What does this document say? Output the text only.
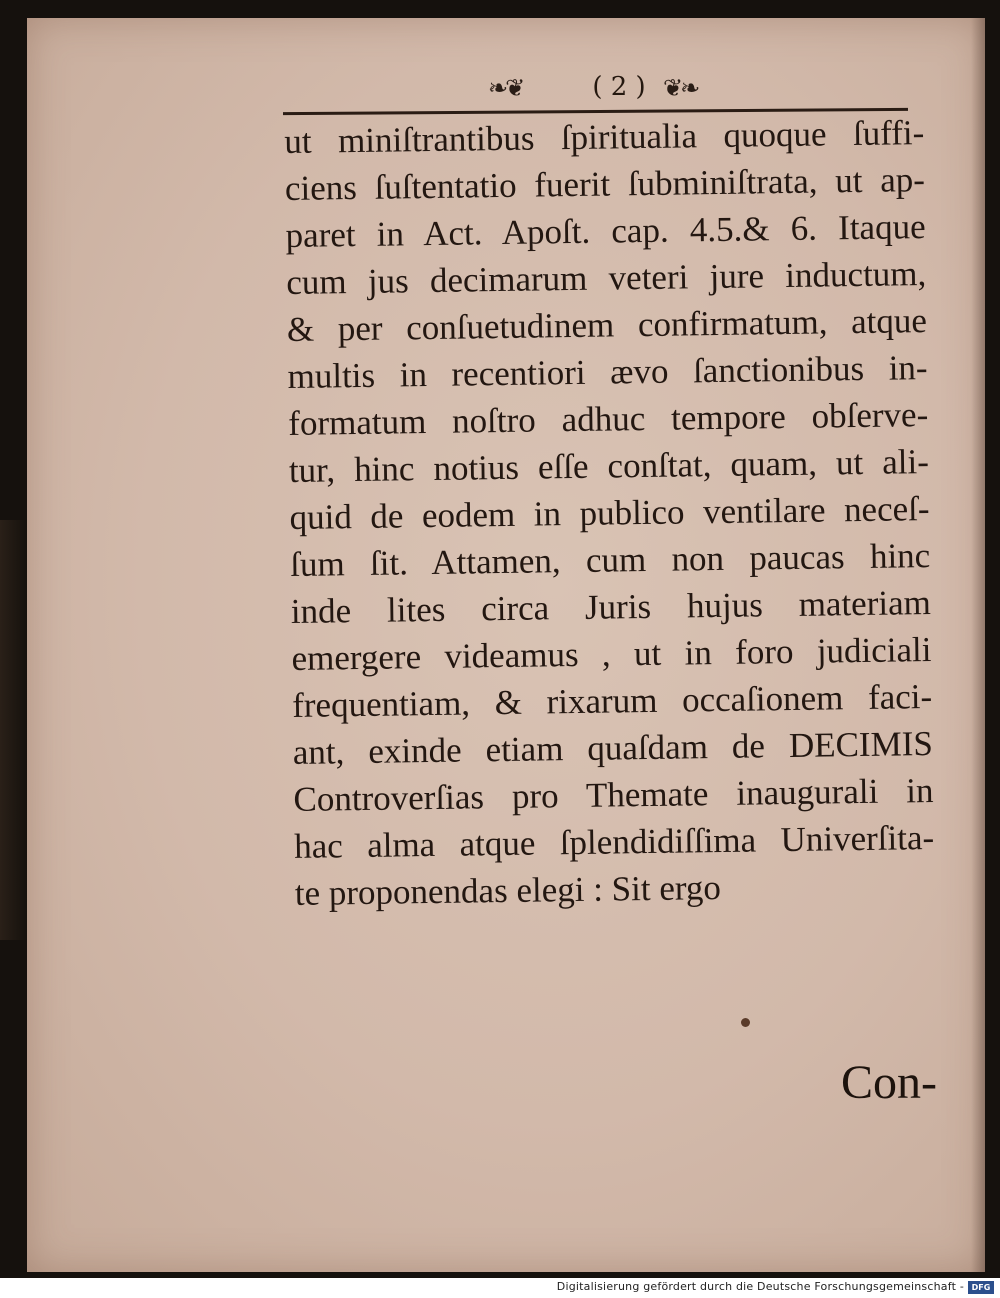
❧❦	( 2 ) ❦❧
ut miniſtrantibus ſpiritualia quoque ſuffi-
ciens ſuſtentatio fuerit ſubminiſtrata, ut ap-
paret in Act. Apoſt. cap. 4.5.& 6. Itaque
cum jus decimarum veteri jure inductum,
& per conſuetudinem confirmatum, atque
multis in recentiori ævo ſanctionibus in-
formatum noſtro adhuc tempore obſerve-
tur, hinc notius eſſe conſtat, quam, ut ali-
quid de eodem in publico ventilare neceſ-
ſum ſit. Attamen, cum non paucas hinc
inde lites circa Juris hujus materiam
emergere videamus , ut in foro judiciali
frequentiam, & rixarum occaſionem faci-
ant, exinde etiam quaſdam de DECIMIS
Controverſias pro Themate inaugurali in
hac alma atque ſplendidiſſima Univerſita-
te proponendas elegi : Sit ergo
Con-
Digitalisierung gefördert durch die Deutsche Forschungsgemeinschaft - DFG
